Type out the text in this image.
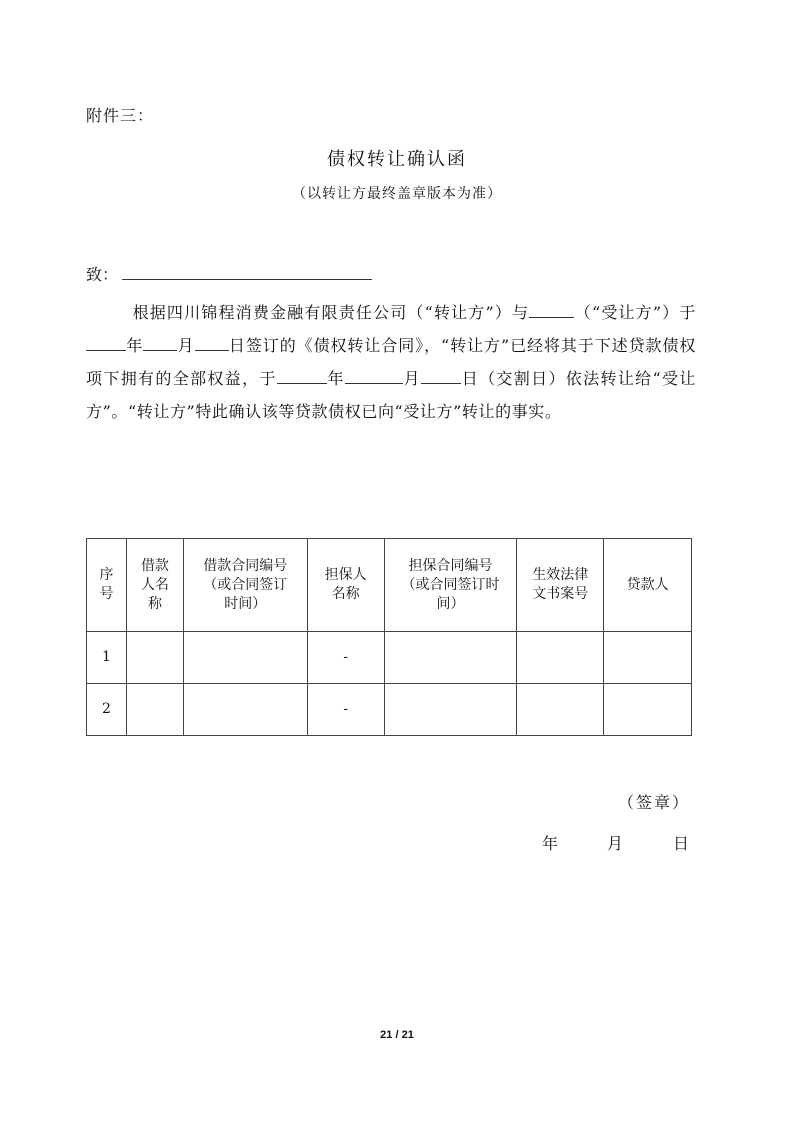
附件三：
债权转让确认函
（以转让方最终盖章版本为准）
致：
根据四川锦程消费金融有限责任公司（“转让方”）与	（“受让方”）于年 月 日签订的《债权转让合同》，“转让方”已经将其于下述贷款债权项下拥有的全部权益，于	年	月	日（交割日）依法转让给“受让方”。“转让方”特此确认该等贷款债权已向“受让方”转让的事实。
序号	借款人名称	借款合同编号（或合同签订时间）	担保人名称	担保合同编号（或合同签订时间）	生效法律文书案号	贷款人
1			-			
2			-			
（签章）
年	月	日
21 / 21
